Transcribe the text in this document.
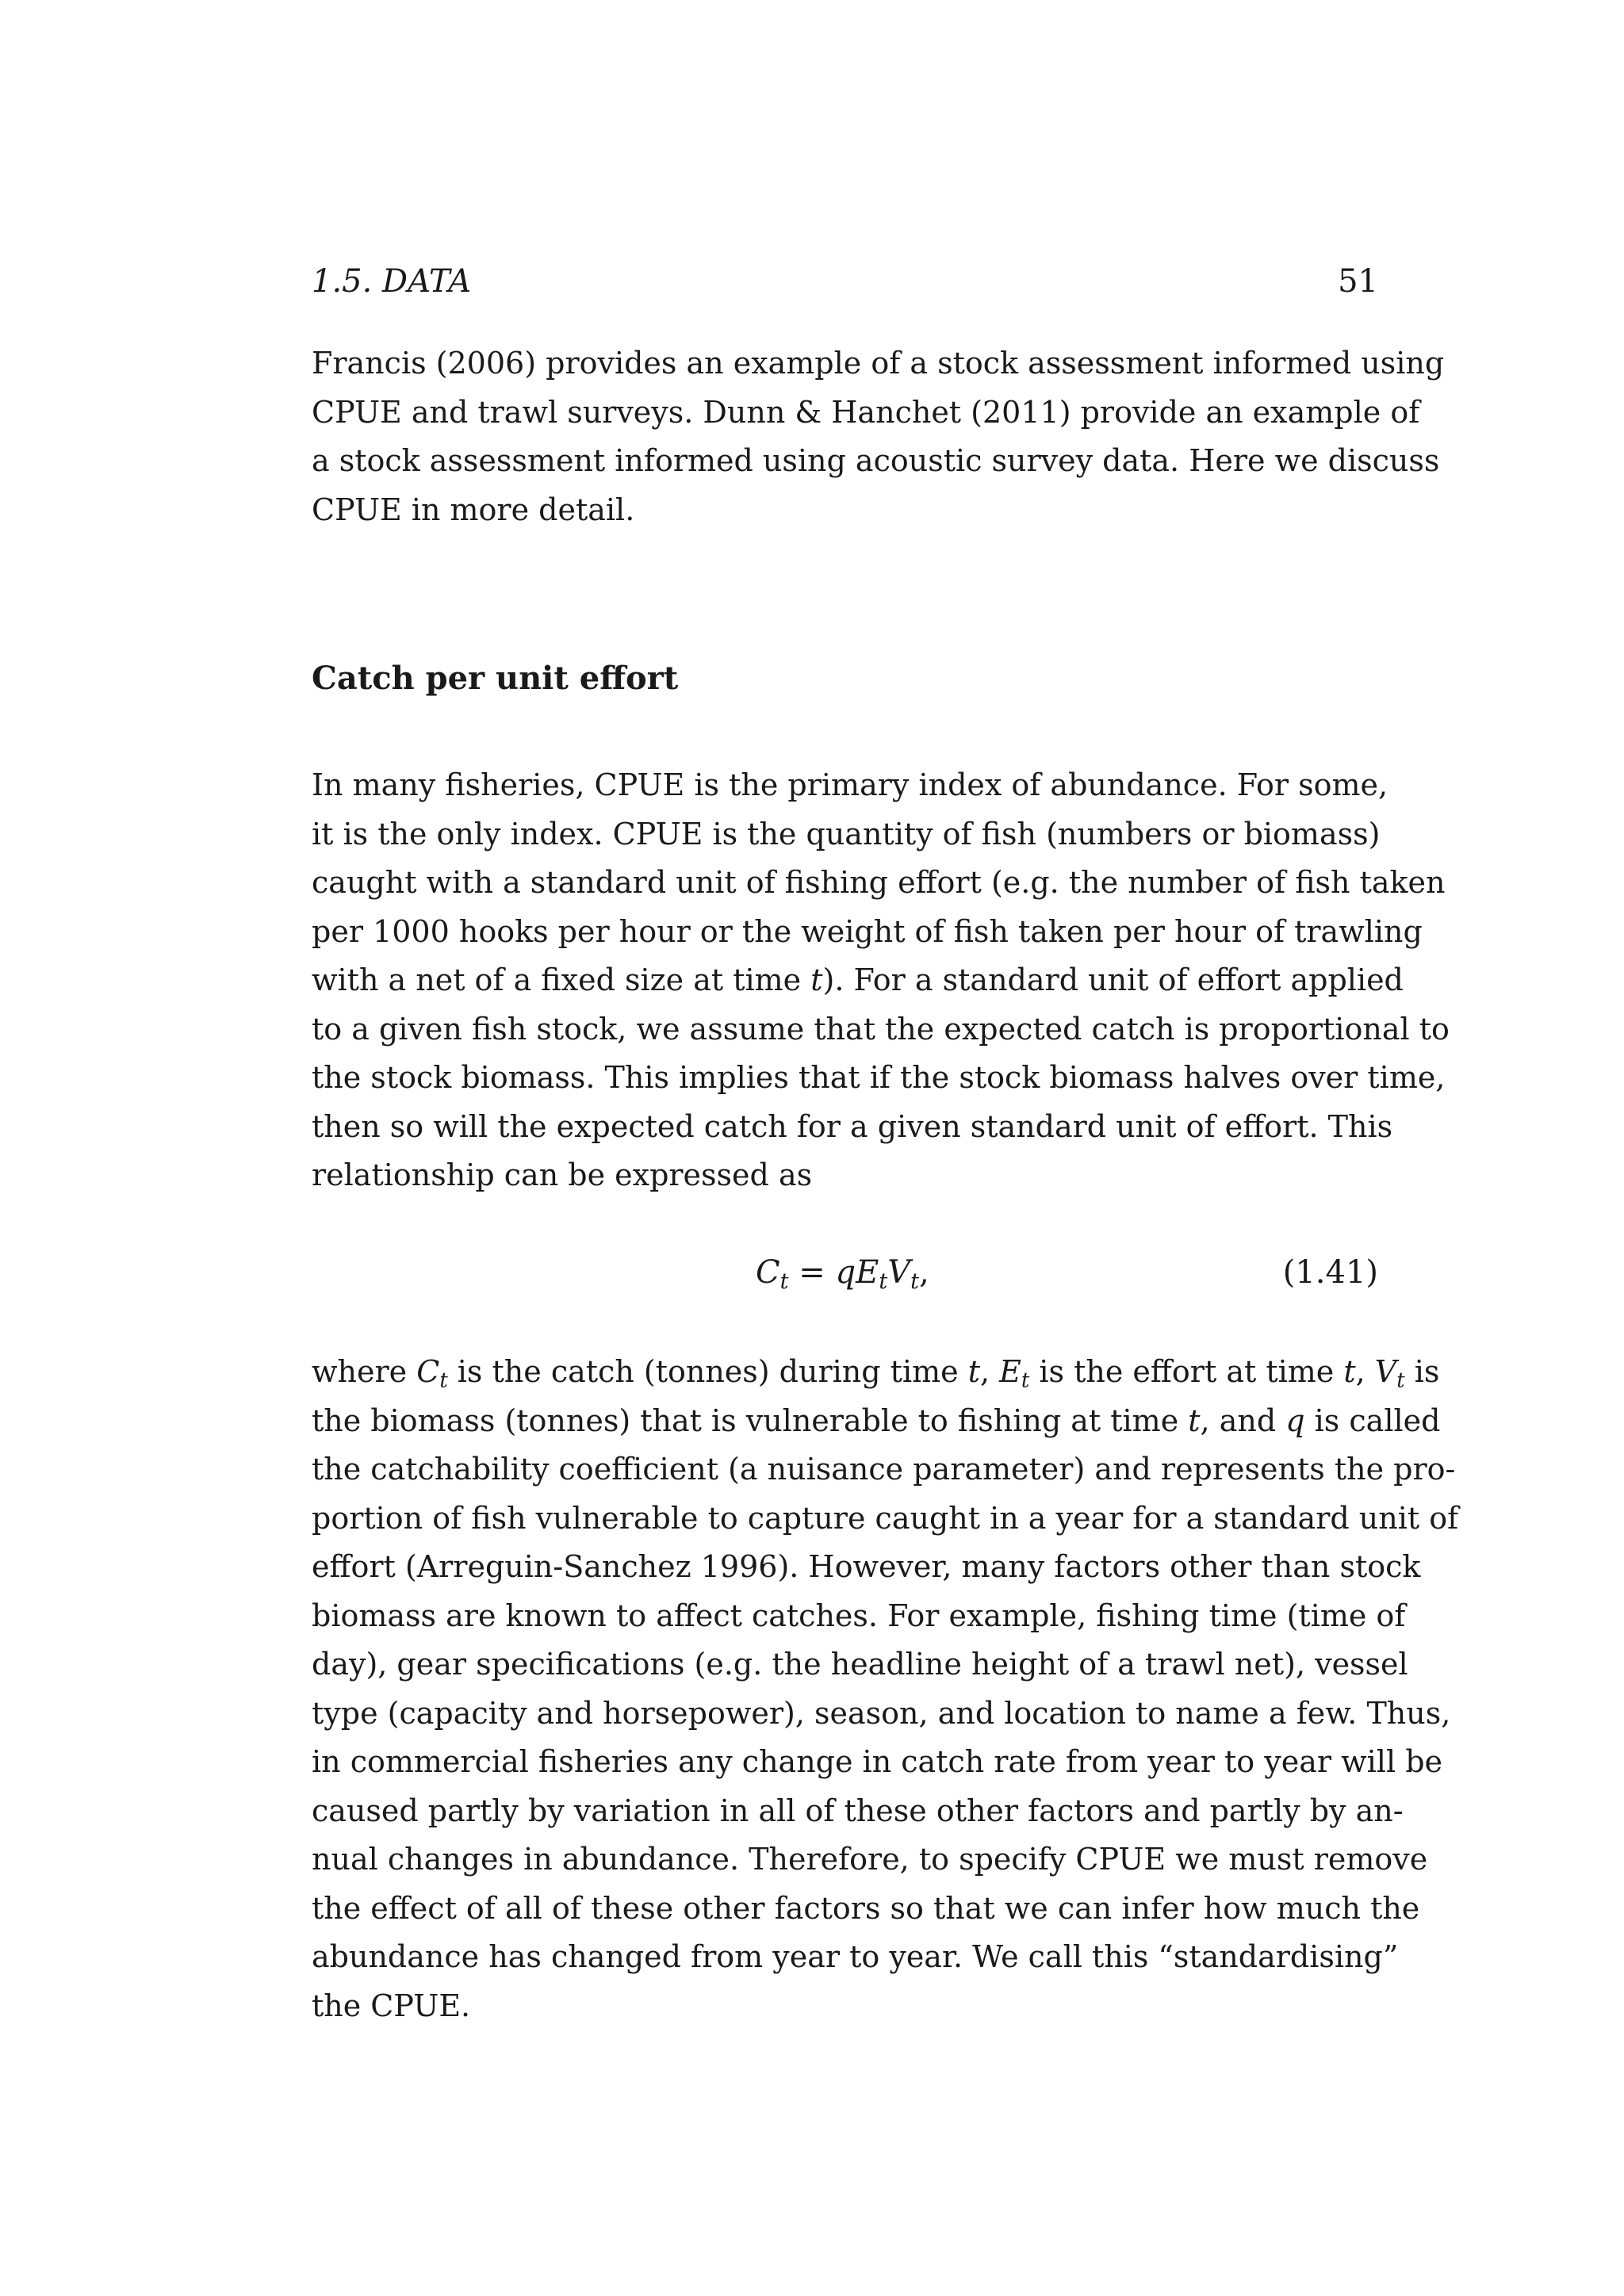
1.5. DATA	51
Francis (2006) provides an example of a stock assessment informed using
CPUE and trawl surveys. Dunn & Hanchet (2011) provide an example of
a stock assessment informed using acoustic survey data. Here we discuss
CPUE in more detail.
Catch per unit effort
In many fisheries, CPUE is the primary index of abundance. For some,
it is the only index. CPUE is the quantity of fish (numbers or biomass)
caught with a standard unit of fishing effort (e.g. the number of fish taken
per 1000 hooks per hour or the weight of fish taken per hour of trawling
with a net of a fixed size at time t). For a standard unit of effort applied
to a given fish stock, we assume that the expected catch is proportional to
the stock biomass. This implies that if the stock biomass halves over time,
then so will the expected catch for a given standard unit of effort. This
relationship can be expressed as
$C_t = qE_tV_t$,	(1.41)
where $C_t$ is the catch (tonnes) during time t, $E_t$ is the effort at time t, $V_t$ is
the biomass (tonnes) that is vulnerable to fishing at time t, and q is called
the catchability coefficient (a nuisance parameter) and represents the pro-
portion of fish vulnerable to capture caught in a year for a standard unit of
effort (Arreguin-Sanchez 1996). However, many factors other than stock
biomass are known to affect catches. For example, fishing time (time of
day), gear specifications (e.g. the headline height of a trawl net), vessel
type (capacity and horsepower), season, and location to name a few. Thus,
in commercial fisheries any change in catch rate from year to year will be
caused partly by variation in all of these other factors and partly by an-
nual changes in abundance. Therefore, to specify CPUE we must remove
the effect of all of these other factors so that we can infer how much the
abundance has changed from year to year. We call this “standardising”
the CPUE.
